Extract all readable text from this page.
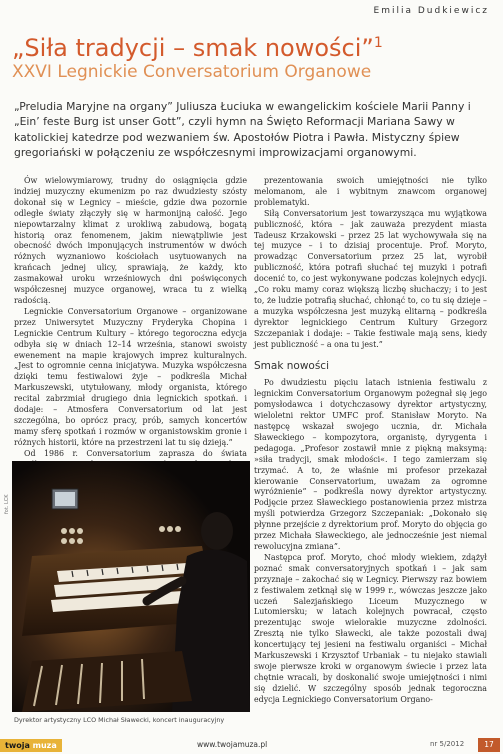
Emilia Dudkiewicz
„Siła tradycji – smak nowości”$^1$
XXVI Legnickie Conversatorium Organowe
„Preludia Maryjne na organy” Juliusza Łuciuka w ewangelickim kościele Marii Panny i „Ein’ feste Burg ist unser Gott”, czyli hymn na Święto Reformacji Mariana Sawy w katolickiej katedrze pod wezwaniem św. Apostołów Piotra i Pawła. Mistyczny śpiew gregoriański w połączeniu ze współczesnymi improwizacjami organowymi.

Ów wielowymiarowy, trudny do osiągnięcia gdzie indziej muzyczny ekumenizm po raz dwudziesty szósty dokonał się w Legnicy – mieście, gdzie dwa pozornie odległe światy złączyły się w harmonijną całość. Jego niepowtarzalny klimat z urokliwą zabudową, bogatą historią oraz fenomenem, jakim niewątpliwie jest obecność dwóch imponujących instrumentów w dwóch różnych wyznaniowo kościołach usytuowanych na krańcach jednej ulicy, sprawiają, że każdy, kto zasmakował uroku wrześniowych dni poświęconych współczesnej muzyce organowej, wraca tu z wielką radością.

Legnickie Conversatorium Organowe – organizowane przez Uniwersytet Muzyczny Fryderyka Chopina i Legnickie Centrum Kultury – którego tegoroczna edycja odbyła się w dniach 12–14 września, stanowi swoisty ewenement na mapie krajowych imprez kulturalnych. „Jest to ogromnie cenna inicjatywa. Muzyka współczesna dzięki temu festiwalowi żyje – podkreśla Michał Markuszewski, utytułowany, młody organista, którego recital zabrzmiał drugiego dnia legnickich spotkań. i dodaje: – Atmosfera Conversatorium od lat jest szczególna, bo oprócz pracy, prób, samych koncertów mamy sferę spotkań i rozmów w organistowskim gronie i różnych historii, które na przestrzeni lat tu się dzieją.”

Od 1986 r. Conversatorium zaprasza do świata

prezentowania swoich umiejętności nie tylko melomanom, ale i wybitnym znawcom organowej problematyki.

Siłą Conversatorium jest towarzysząca mu wyjątkowa publiczność, która – jak zauważa prezydent miasta Tadeusz Krzakowski – przez 25 lat wychowywała się na tej muzyce – i to dzisiaj procentuje. Prof. Moryto, prowadząc Conversatorium przez 25 lat, wyrobił publiczność, która potrafi słuchać tej muzyki i potrafi docenić to, co jest wykonywane podczas kolejnych edycji. „Co roku mamy coraz większą liczbę słuchaczy; i to jest to, że ludzie potrafią słuchać, chłonąć to, co tu się dzieje – a muzyka współczesna jest muzyką elitarną – podkreśla dyrektor legnickiego Centrum Kultury Grzegorz Szczepaniak i dodaje: – Takie festiwale mają sens, kiedy jest publiczność – a ona tu jest.”

Smak nowości

Po dwudziestu pięciu latach istnienia festiwalu z legnickim Conversatorium Organowym pożegnał się jego pomysłodawca i dotychczasowy dyrektor artystyczny, wieloletni rektor UMFC prof. Stanisław Moryto. Na następcę wskazał swojego ucznia, dr. Michała Sławeckiego – kompozytora, organistę, dyrygenta i pedagoga. „Profesor zostawił mnie z piękną maksymą: »siła tradycji, smak młodości«. I tego zamierzam się trzymać. A to, że właśnie mi profesor przekazał kierowanie Conservatorium, uważam za ogromne wyróżnienie” – podkreśla nowy dyrektor artystyczny. Podjęcie przez Sławeckiego postanowienia przez mistrza myśli potwierdza Grzegorz Szczepaniak: „Dokonało się płynne przejście z dyrektorium prof. Moryto do objęcia go przez Michała Sławeckiego, ale jednocześnie jest niemal rewolucyjna zmiana”.

Następca prof. Moryto, choć młody wiekiem, zdążył poznać smak conversatoryjnych spotkań i – jak sam przyznaje – zakochać się w Legnicy. Pierwszy raz bowiem z festiwalem zetknął się w 1999 r., wówczas jeszcze jako uczeń Salezjańskiego Liceum Muzycznego w Lutomiersku; w latach kolejnych powracał, często prezentując swoje wielorakie muzyczne zdolności. Zresztą nie tylko Sławecki, ale także pozostali dwaj koncertujący tej jesieni na festiwalu organiści – Michał Markuszewski i Krzysztof Urbaniak – tu niejako stawiali swoje pierwsze kroki w organowym świecie i przez lata chętnie wracali, by doskonalić swoje umiejętności i nimi się dzielić. W szczególny sposób jednak tegoroczna edycja Legnickiego Conversatorium Organo-

fot. LCK
Dyrektor artystyczny LCO Michał Sławecki, koncert inauguracyjny
twoja muza	www.twojamuza.pl	nr 5/2012	17
